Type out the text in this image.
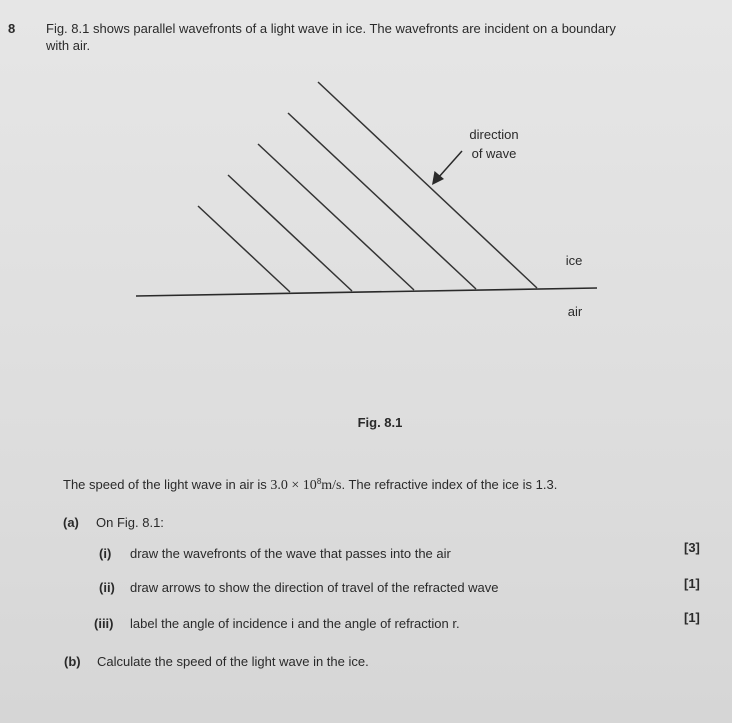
8 Fig. 8.1 shows parallel wavefronts of a light wave in ice. The wavefronts are incident on a boundary
with air.
direction
of wave
ice
air
Fig. 8.1
The speed of the light wave in air is $3.0 \times 10^8m/s$. The refractive index of the ice is 1.3.
(a) On Fig. 8.1:
(i) draw the wavefronts of the wave that passes into the air	[3]
(ii) draw arrows to show the direction of travel of the refracted wave	[1]
(iii) label the angle of incidence i and the angle of refraction r.	[1]
(b) Calculate the speed of the light wave in the ice.
